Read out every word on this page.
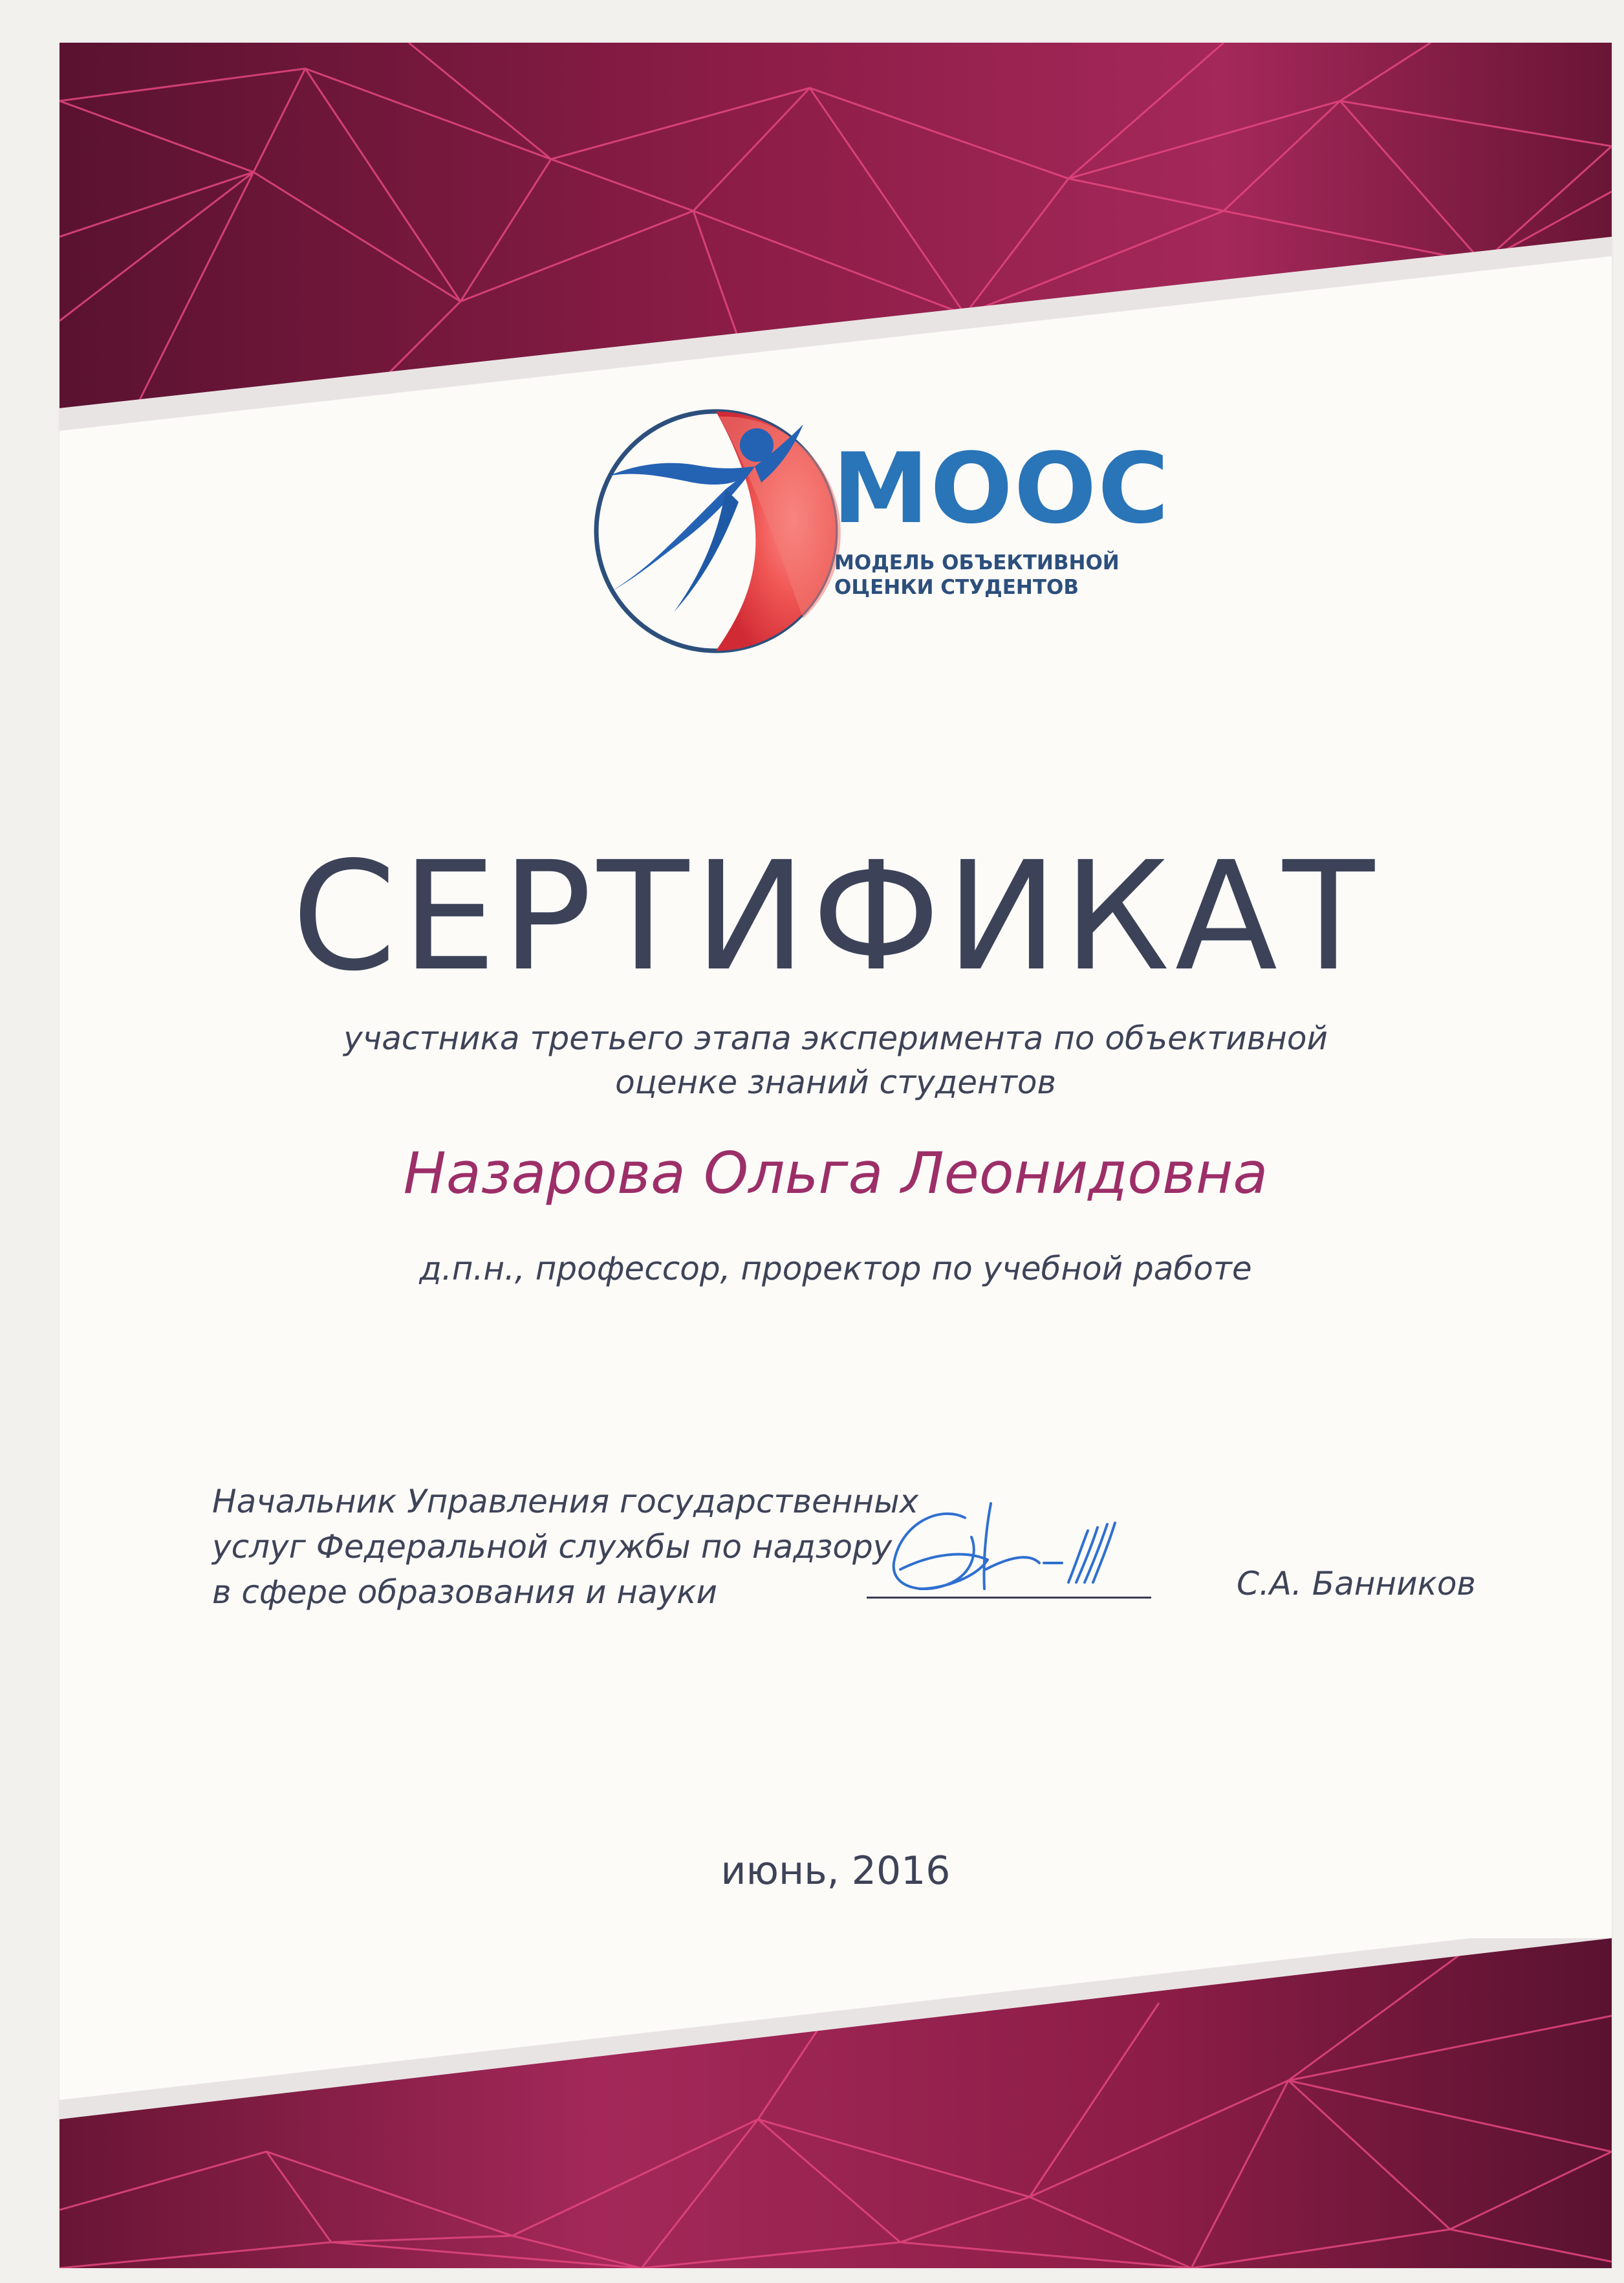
МООС
МОДЕЛЬ ОБЪЕКТИВНОЙ
ОЦЕНКИ СТУДЕНТОВ
СЕРТИФИКАТ
участника третьего этапа эксперимента по объективной
оценке знаний студентов
Назарова Ольга Леонидовна
д.п.н., профессор, проректор по учебной работе
Начальник Управления государственных
услуг Федеральной службы по надзору
в сфере образования и науки	С.А. Банников
июнь, 2016
